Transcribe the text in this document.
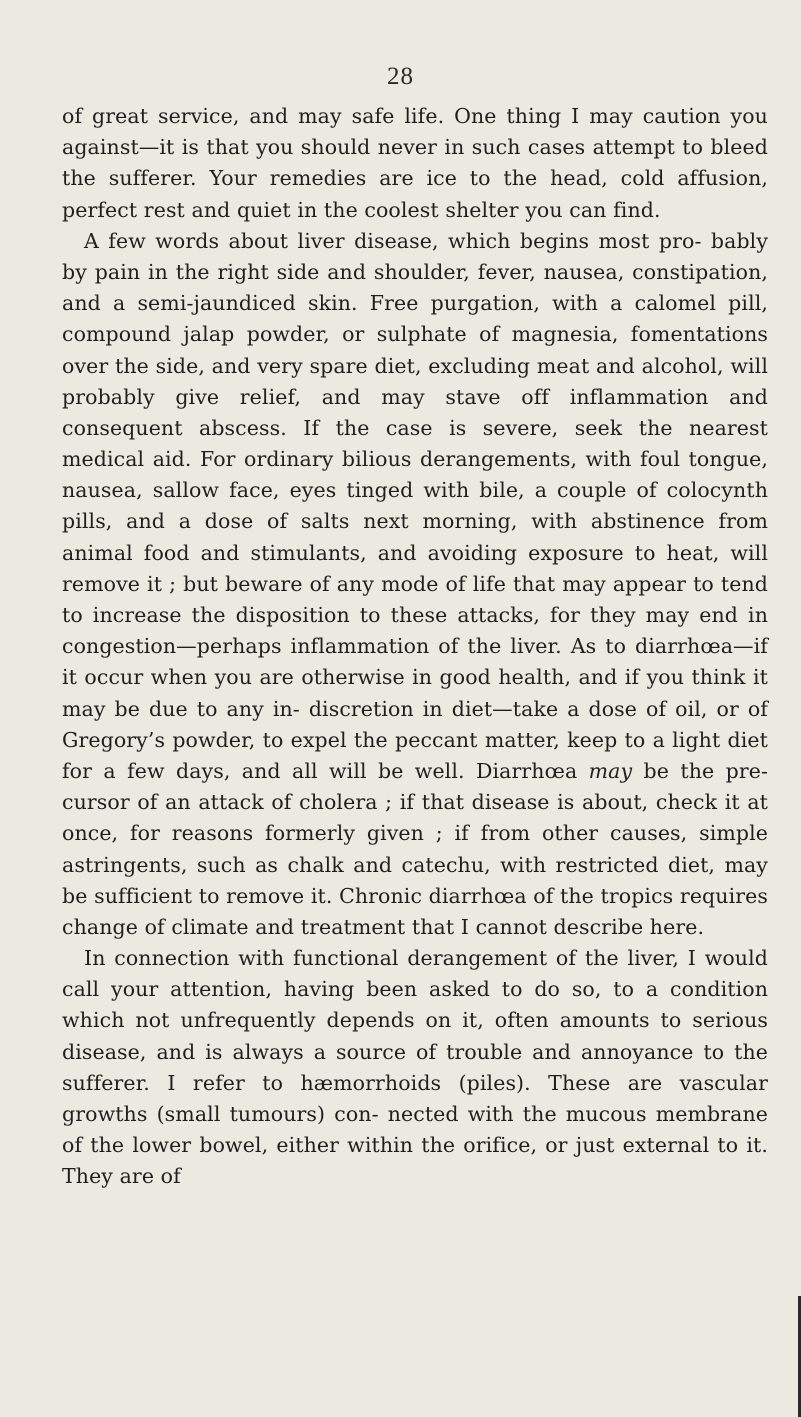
28

of great service, and may safe life. One thing I may caution you against—it is that you should never in such cases attempt to bleed the sufferer. Your remedies are ice to the head, cold affusion, perfect rest and quiet in the coolest shelter you can find.

A few words about liver disease, which begins most pro- bably by pain in the right side and shoulder, fever, nausea, constipation, and a semi-jaundiced skin. Free purgation, with a calomel pill, compound jalap powder, or sulphate of magnesia, fomentations over the side, and very spare diet, excluding meat and alcohol, will probably give relief, and may stave off inflammation and consequent abscess. If the case is severe, seek the nearest medical aid. For ordinary bilious derangements, with foul tongue, nausea, sallow face, eyes tinged with bile, a couple of colocynth pills, and a dose of salts next morning, with abstinence from animal food and stimulants, and avoiding exposure to heat, will remove it ; but beware of any mode of life that may appear to tend to increase the disposition to these attacks, for they may end in congestion—perhaps inflammation of the liver. As to diarrhœa—if it occur when you are otherwise in good health, and if you think it may be due to any in- discretion in diet—take a dose of oil, or of Gregory’s powder, to expel the peccant matter, keep to a light diet for a few days, and all will be well. Diarrhœa may be the pre- cursor of an attack of cholera ; if that disease is about, check it at once, for reasons formerly given ; if from other causes, simple astringents, such as chalk and catechu, with restricted diet, may be sufficient to remove it. Chronic diarrhœa of the tropics requires change of climate and treatment that I cannot describe here.

In connection with functional derangement of the liver, I would call your attention, having been asked to do so, to a condition which not unfrequently depends on it, often amounts to serious disease, and is always a source of trouble and annoyance to the sufferer. I refer to hæmorrhoids (piles). These are vascular growths (small tumours) con- nected with the mucous membrane of the lower bowel, either within the orifice, or just external to it. They are of
